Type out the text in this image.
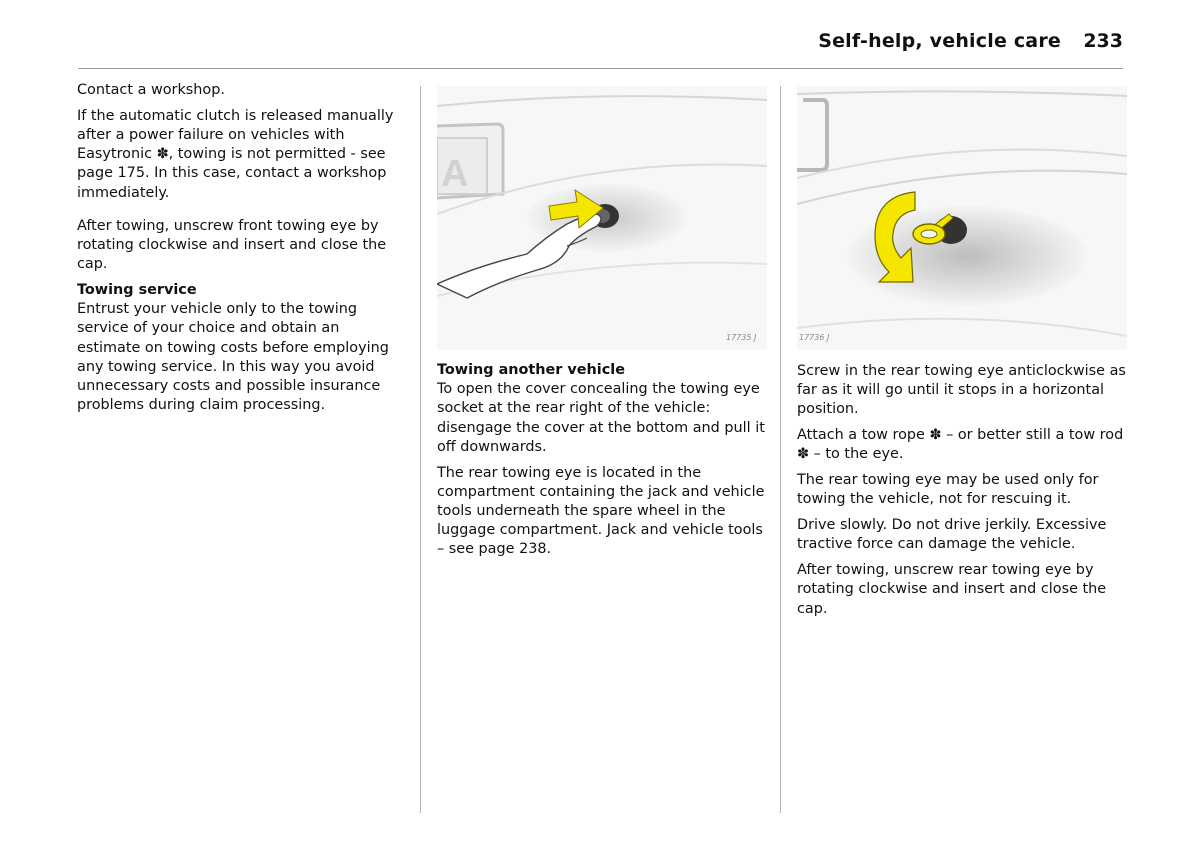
Self-help, vehicle care 233

Contact a workshop.

If the automatic clutch is released manually after a power failure on vehicles with Easytronic ✽, towing is not permitted - see page 175. In this case, contact a workshop immediately.

After towing, unscrew front towing eye by rotating clockwise and insert and close the cap.

Towing service

Entrust your vehicle only to the towing service of your choice and obtain an estimate on towing costs before employing any towing service. In this way you avoid unnecessary costs and possible insurance problems during claim processing.

A
17735 J

Towing another vehicle

To open the cover concealing the towing eye socket at the rear right of the vehicle: disengage the cover at the bottom and pull it off downwards.

The rear towing eye is located in the compartment containing the jack and vehicle tools underneath the spare wheel in the luggage compartment. Jack and vehicle tools – see page 238.

17736 J

Screw in the rear towing eye anticlockwise as far as it will go until it stops in a horizontal position.

Attach a tow rope ✽ – or better still a tow rod ✽ – to the eye.

The rear towing eye may be used only for towing the vehicle, not for rescuing it.

Drive slowly. Do not drive jerkily. Excessive tractive force can damage the vehicle.

After towing, unscrew rear towing eye by rotating clockwise and insert and close the cap.
